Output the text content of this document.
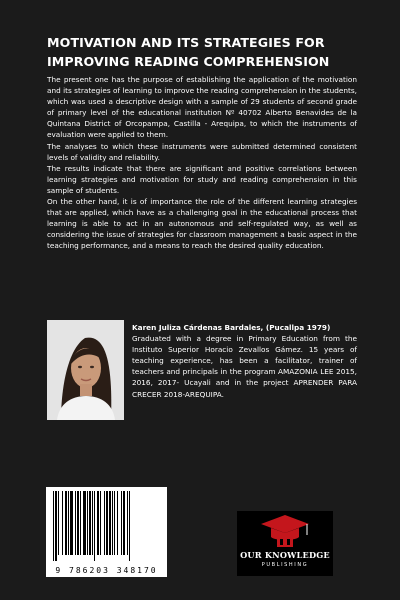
MOTIVATION AND ITS STRATEGIES FOR
IMPROVING READING COMPREHENSION

The present one has the purpose of establishing the application of the motivation and its strategies of learning to improve the reading comprehension in the students, which was used a descriptive design with a sample of 29 students of second grade of primary level of the educational institution Nº 40702 Alberto Benavides de la Quintana District of Orcopampa, Castilla - Arequipa, to which the instruments of evaluation were applied to them.

The analyses to which these instruments were submitted determined consistent levels of validity and reliability.

The results indicate that there are significant and positive correlations between learning strategies and motivation for study and reading comprehension in this sample of students.

On the other hand, it is of importance the role of the different learning strategies that are applied, which have as a challenging goal in the educational process that learning is able to act in an autonomous and self-regulated way, as well as considering the issue of strategies for classroom management a basic aspect in the teaching performance, and a means to reach the desired quality education.

Karen Juliza Cárdenas Bardales, (Pucallpa 1979)
Graduated with a degree in Primary Education from the Instituto Superior Horacio Zevallos Gámez. 15 years of teaching experience, has been a facilitator, trainer of teachers and principals in the program AMAZONIA LEE 2015, 2016, 2017- Ucayali and in the project APRENDER PARA CRECER 2018-AREQUIPA.
9 786203 348170
OUR KNOWLEDGE
PUBLISHING
